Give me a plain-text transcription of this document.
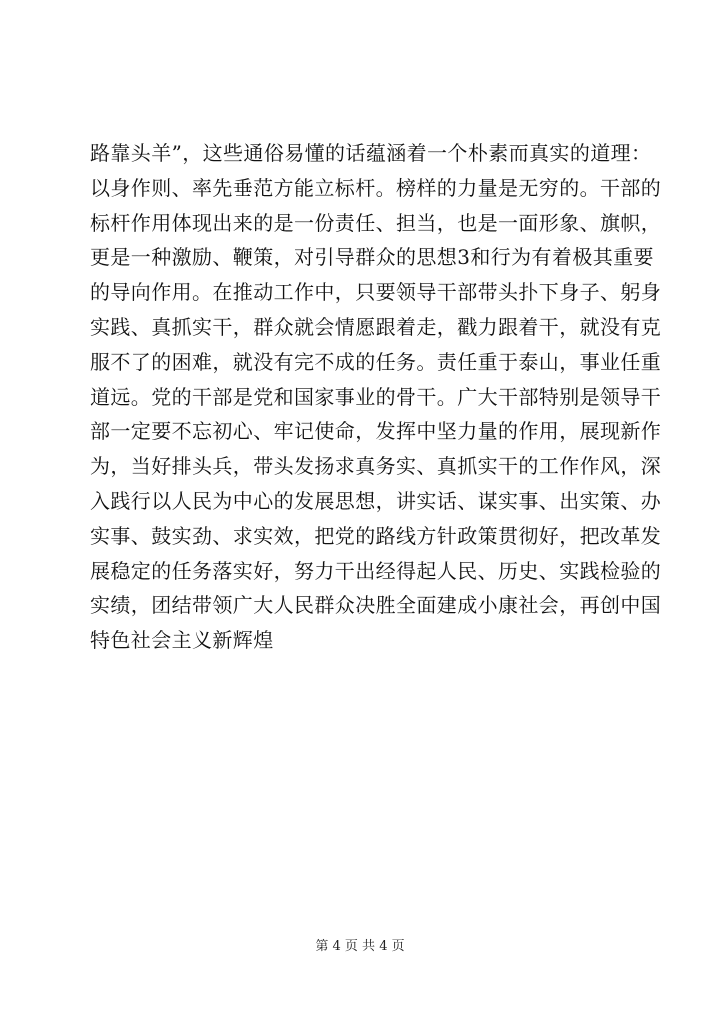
路靠头羊”，这些通俗易懂的话蕴涵着一个朴素而真实的道理：
以身作则、率先垂范方能立标杆。榜样的力量是无穷的。干部的
标杆作用体现出来的是一份责任、担当，也是一面形象、旗帜，
更是一种激励、鞭策，对引导群众的思想3和行为有着极其重要
的导向作用。在推动工作中，只要领导干部带头扑下身子、躬身
实践、真抓实干，群众就会情愿跟着走，戳力跟着干，就没有克
服不了的困难，就没有完不成的任务。责任重于泰山，事业任重
道远。党的干部是党和国家事业的骨干。广大干部特别是领导干
部一定要不忘初心、牢记使命，发挥中坚力量的作用，展现新作
为，当好排头兵，带头发扬求真务实、真抓实干的工作作风，深
入践行以人民为中心的发展思想，讲实话、谋实事、出实策、办
实事、鼓实劲、求实效，把党的路线方针政策贯彻好，把改革发
展稳定的任务落实好，努力干出经得起人民、历史、实践检验的
实绩，团结带领广大人民群众决胜全面建成小康社会，再创中国
特色社会主义新辉煌
第 4 页 共 4 页
